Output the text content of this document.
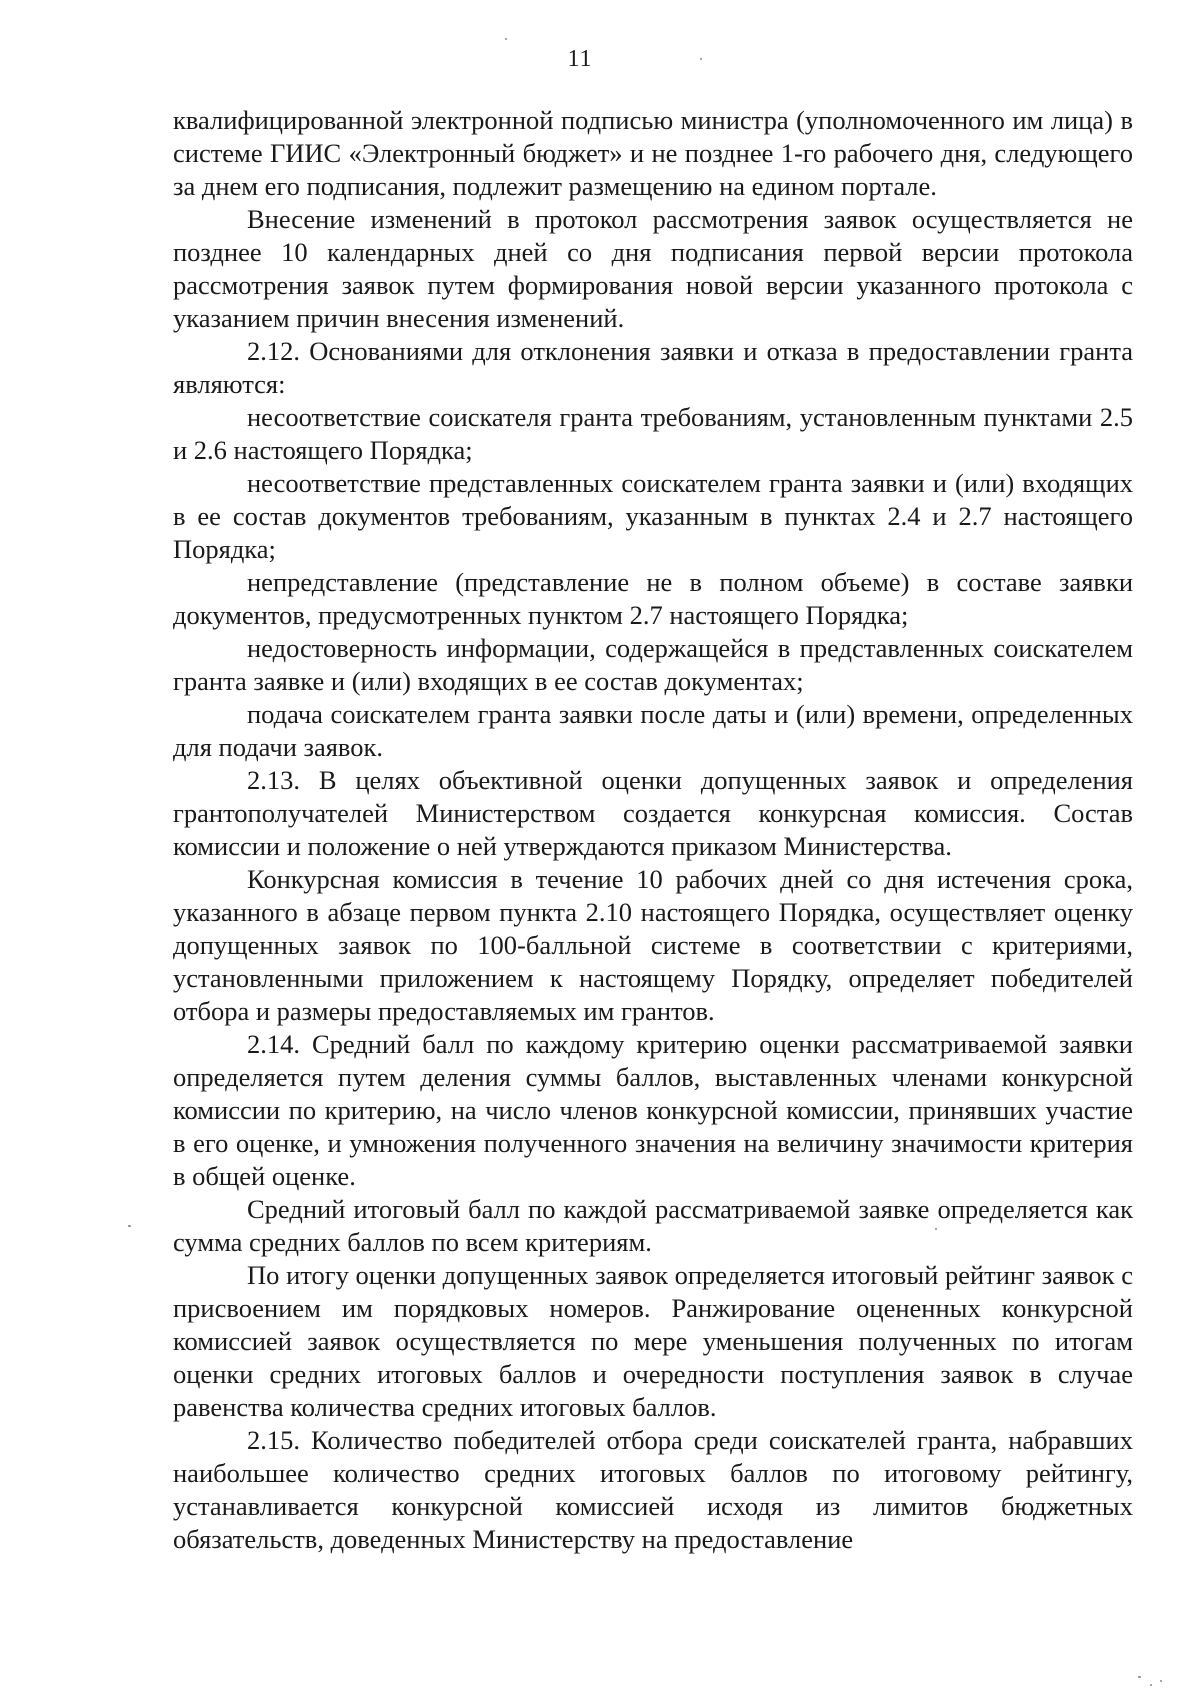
11

квалифицированной электронной подписью министра (уполномоченного им лица) в системе ГИИС «Электронный бюджет» и не позднее 1-го рабочего дня, следующего за днем его подписания, подлежит размещению на едином портале.

Внесение изменений в протокол рассмотрения заявок осуществляется не позднее 10 календарных дней со дня подписания первой версии протокола рассмотрения заявок путем формирования новой версии указанного протокола с указанием причин внесения изменений.

2.12. Основаниями для отклонения заявки и отказа в предоставлении гранта являются:

несоответствие соискателя гранта требованиям, установленным пунктами 2.5 и 2.6 настоящего Порядка;

несоответствие представленных соискателем гранта заявки и (или) входящих в ее состав документов требованиям, указанным в пунктах 2.4 и 2.7 настоящего Порядка;

непредставление (представление не в полном объеме) в составе заявки документов, предусмотренных пунктом 2.7 настоящего Порядка;

недостоверность информации, содержащейся в представленных соискателем гранта заявке и (или) входящих в ее состав документах;

подача соискателем гранта заявки после даты и (или) времени, определенных для подачи заявок.

2.13. В целях объективной оценки допущенных заявок и определения грантополучателей Министерством создается конкурсная комиссия. Состав комиссии и положение о ней утверждаются приказом Министерства.

Конкурсная комиссия в течение 10 рабочих дней со дня истечения срока, указанного в абзаце первом пункта 2.10 настоящего Порядка, осуществляет оценку допущенных заявок по 100-балльной системе в соответствии с критериями, установленными приложением к настоящему Порядку, определяет победителей отбора и размеры предоставляемых им грантов.

2.14. Средний балл по каждому критерию оценки рассматриваемой заявки определяется путем деления суммы баллов, выставленных членами конкурсной комиссии по критерию, на число членов конкурсной комиссии, принявших участие в его оценке, и умножения полученного значения на величину значимости критерия в общей оценке.

Средний итоговый балл по каждой рассматриваемой заявке определяется как сумма средних баллов по всем критериям.

По итогу оценки допущенных заявок определяется итоговый рейтинг заявок с присвоением им порядковых номеров. Ранжирование оцененных конкурсной комиссией заявок осуществляется по мере уменьшения полученных по итогам оценки средних итоговых баллов и очередности поступления заявок в случае равенства количества средних итоговых баллов.

2.15. Количество победителей отбора среди соискателей гранта, набравших наибольшее количество средних итоговых баллов по итоговому рейтингу, устанавливается конкурсной комиссией исходя из лимитов бюджетных обязательств, доведенных Министерству на предоставление
